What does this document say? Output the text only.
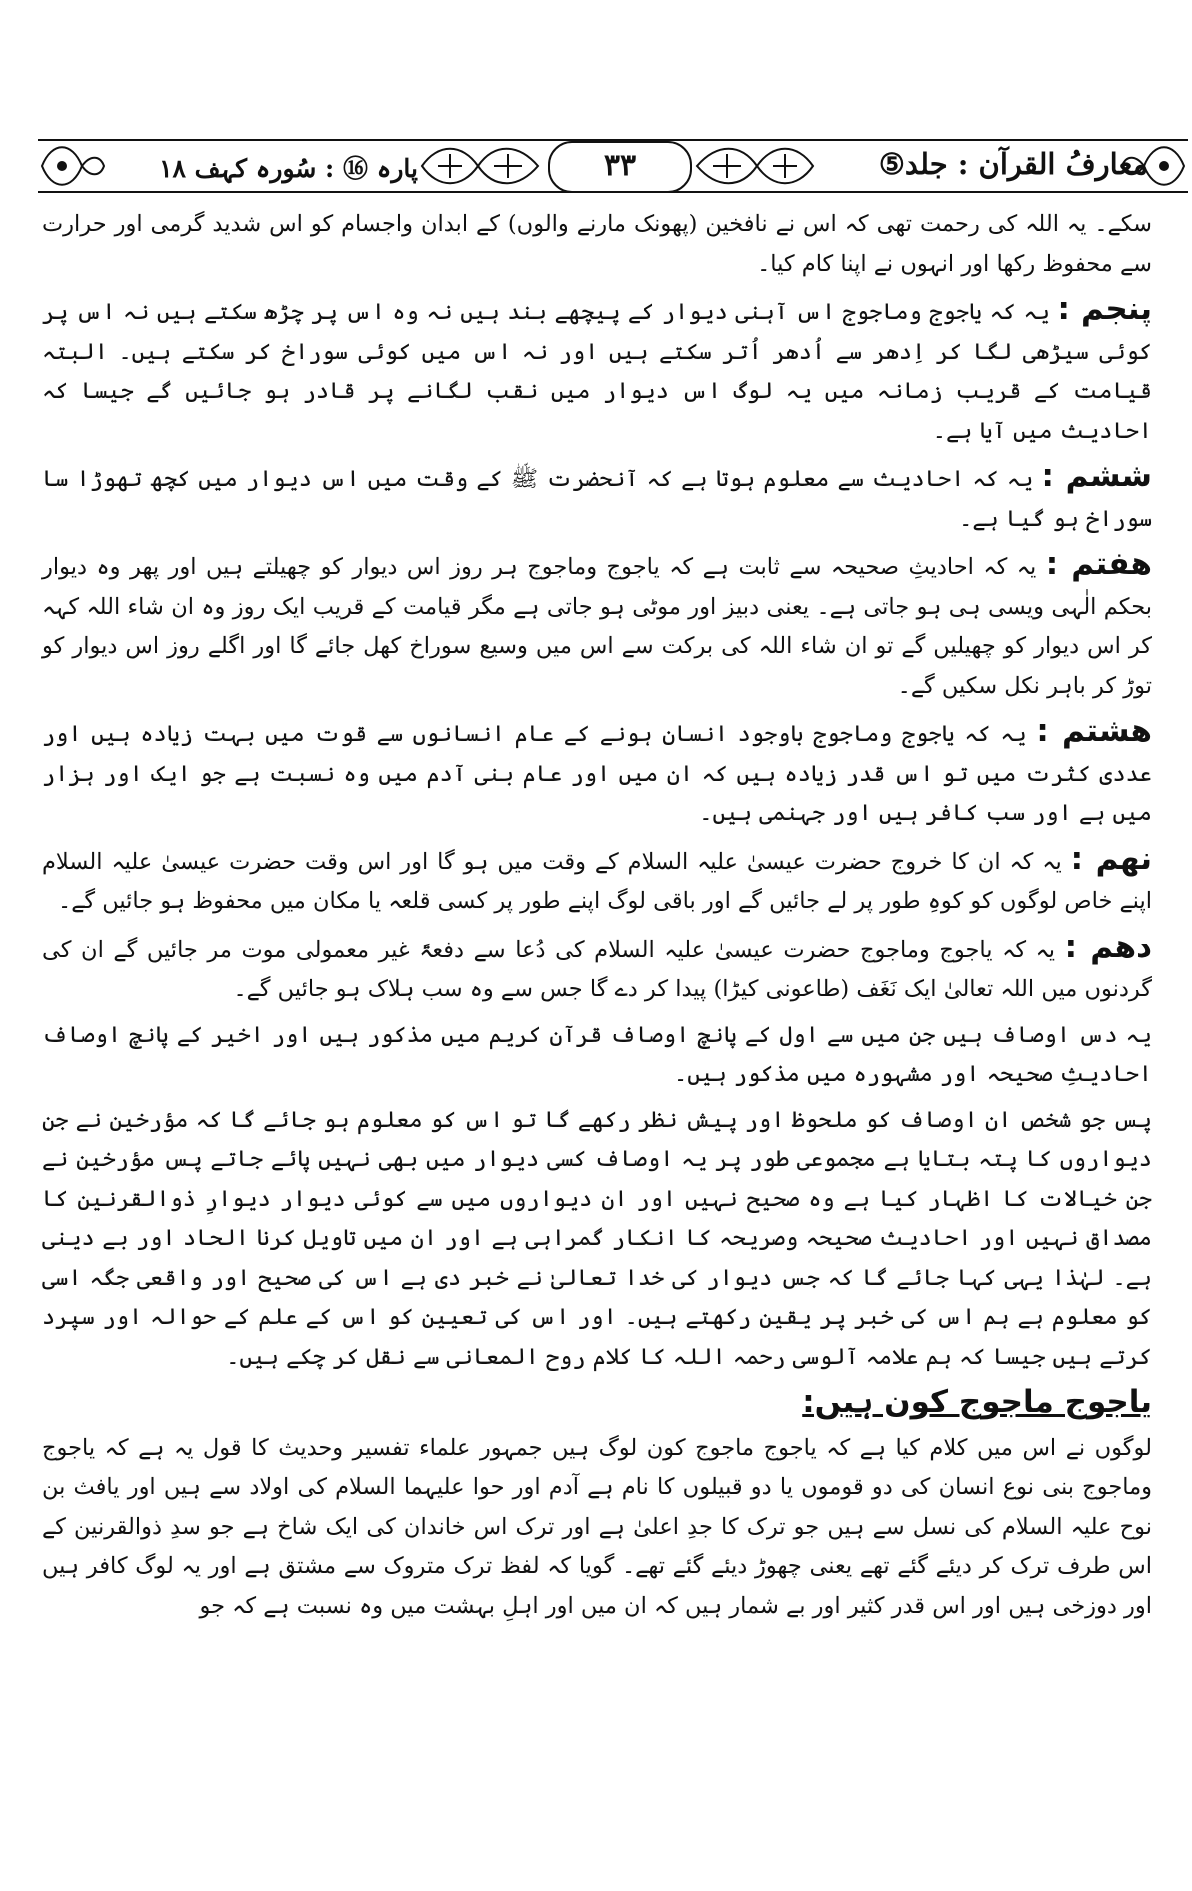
۳۳	معارفُ القرآن : جلد⑤
پارہ ⑯ : سُورہ کہف ۱۸

سکے۔ یہ اللہ کی رحمت تھی کہ اس نے نافخین (پھونک مارنے والوں) کے ابدان واجسام کو اس شدید گرمی اور حرارت سے محفوظ رکھا اور انہوں نے اپنا کام کیا۔

پنجم : یہ کہ یاجوج وماجوج اس آہنی دیوار کے پیچھے بند ہیں نہ وہ اس پر چڑھ سکتے ہیں نہ اس پر کوئی سیڑھی لگا کر اِدھر سے اُدھر اُتر سکتے ہیں اور نہ اس میں کوئی سوراخ کر سکتے ہیں۔ البتہ قیامت کے قریب زمانہ میں یہ لوگ اس دیوار میں نقب لگانے پر قادر ہو جائیں گے جیسا کہ احادیث میں آیا ہے۔

ششم : یہ کہ احادیث سے معلوم ہوتا ہے کہ آنحضرت ﷺ کے وقت میں اس دیوار میں کچھ تھوڑا سا سوراخ ہو گیا ہے۔

ھفتم : یہ کہ احادیثِ صحیحہ سے ثابت ہے کہ یاجوج وماجوج ہر روز اس دیوار کو چھیلتے ہیں اور پھر وہ دیوار بحکم الٰہی ویسی ہی ہو جاتی ہے۔ یعنی دبیز اور موٹی ہو جاتی ہے مگر قیامت کے قریب ایک روز وہ ان شاء اللہ کہہ کر اس دیوار کو چھیلیں گے تو ان شاء اللہ کی برکت سے اس میں وسیع سوراخ کھل جائے گا اور اگلے روز اس دیوار کو توڑ کر باہر نکل سکیں گے۔

ھشتم : یہ کہ یاجوج وماجوج باوجود انسان ہونے کے عام انسانوں سے قوت میں بہت زیادہ ہیں اور عددی کثرت میں تو اس قدر زیادہ ہیں کہ ان میں اور عام بنی آدم میں وہ نسبت ہے جو ایک اور ہزار میں ہے اور سب کافر ہیں اور جہنمی ہیں۔

نھم : یہ کہ ان کا خروج حضرت عیسیٰ علیہ السلام کے وقت میں ہو گا اور اس وقت حضرت عیسیٰ علیہ السلام اپنے خاص لوگوں کو کوہِ طور پر لے جائیں گے اور باقی لوگ اپنے طور پر کسی قلعہ یا مکان میں محفوظ ہو جائیں گے۔

دھم : یہ کہ یاجوج وماجوج حضرت عیسیٰ علیہ السلام کی دُعا سے دفعۃً غیر معمولی موت مر جائیں گے ان کی گردنوں میں اللہ تعالیٰ ایک نَغَف (طاعونی کیڑا) پیدا کر دے گا جس سے وہ سب ہلاک ہو جائیں گے۔

یہ دس اوصاف ہیں جن میں سے اول کے پانچ اوصاف قرآن کریم میں مذکور ہیں اور اخیر کے پانچ اوصاف احادیثِ صحیحہ اور مشہورہ میں مذکور ہیں۔

پس جو شخص ان اوصاف کو ملحوظ اور پیش نظر رکھے گا تو اس کو معلوم ہو جائے گا کہ مؤرخین نے جن دیواروں کا پتہ بتایا ہے مجموعی طور پر یہ اوصاف کسی دیوار میں بھی نہیں پائے جاتے پس مؤرخین نے جن خیالات کا اظہار کیا ہے وہ صحیح نہیں اور ان دیواروں میں سے کوئی دیوار دیوارِ ذوالقرنین کا مصداق نہیں اور احادیث صحیحہ وصریحہ کا انکار گمراہی ہے اور ان میں تاویل کرنا الحاد اور بے دینی ہے۔ لہٰذا یہی کہا جائے گا کہ جس دیوار کی خدا تعالیٰ نے خبر دی ہے اس کی صحیح اور واقعی جگہ اسی کو معلوم ہے ہم اس کی خبر پر یقین رکھتے ہیں۔ اور اس کی تعیین کو اس کے علم کے حوالہ اور سپرد کرتے ہیں جیسا کہ ہم علامہ آلوسی رحمہ اللہ کا کلام روح المعانی سے نقل کر چکے ہیں۔

یاجوج ماجوج کون ہیں:

لوگوں نے اس میں کلام کیا ہے کہ یاجوج ماجوج کون لوگ ہیں جمہور علماء تفسیر وحدیث کا قول یہ ہے کہ یاجوج وماجوج بنی نوع انسان کی دو قوموں یا دو قبیلوں کا نام ہے آدم اور حوا علیہما السلام کی اولاد سے ہیں اور یافث بن نوح علیہ السلام کی نسل سے ہیں جو ترک کا جدِ اعلیٰ ہے اور ترک اس خاندان کی ایک شاخ ہے جو سدِ ذوالقرنین کے اس طرف ترک کر دیئے گئے تھے یعنی چھوڑ دیئے گئے تھے۔ گویا کہ لفظ ترک متروک سے مشتق ہے اور یہ لوگ کافر ہیں اور دوزخی ہیں اور اس قدر کثیر اور بے شمار ہیں کہ ان میں اور اہلِ بہشت میں وہ نسبت ہے کہ جو
